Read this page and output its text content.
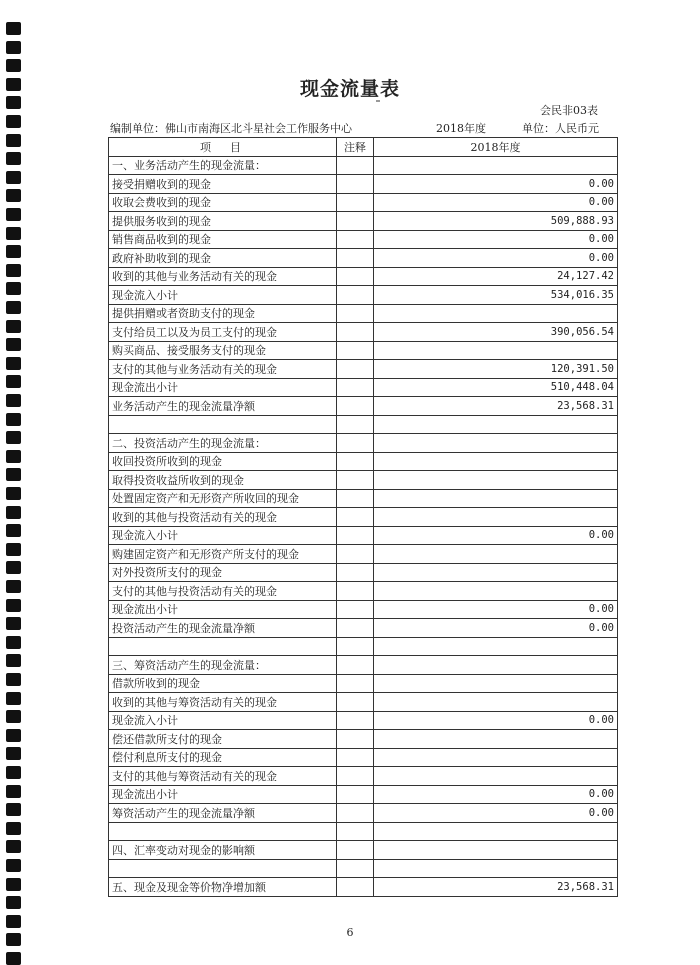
现金流量表
会民非03表
编制单位：佛山市南海区北斗星社会工作服务中心	2018年度	单位：人民币元
项　目	注释	2018年度
一、业务活动产生的现金流量：		
接受捐赠收到的现金		0.00
收取会费收到的现金		0.00
提供服务收到的现金		509,888.93
销售商品收到的现金		0.00
政府补助收到的现金		0.00
收到的其他与业务活动有关的现金		24,127.42
现金流入小计		534,016.35
提供捐赠或者资助支付的现金		
支付给员工以及为员工支付的现金		390,056.54
购买商品、接受服务支付的现金		
支付的其他与业务活动有关的现金		120,391.50
现金流出小计		510,448.04
业务活动产生的现金流量净额		23,568.31

二、投资活动产生的现金流量：		
收回投资所收到的现金		
取得投资收益所收到的现金		
处置固定资产和无形资产所收回的现金		
收到的其他与投资活动有关的现金		
现金流入小计		0.00
购建固定资产和无形资产所支付的现金		
对外投资所支付的现金		
支付的其他与投资活动有关的现金		
现金流出小计		0.00
投资活动产生的现金流量净额		0.00

三、筹资活动产生的现金流量：		
借款所收到的现金		
收到的其他与筹资活动有关的现金		
现金流入小计		0.00
偿还借款所支付的现金		
偿付利息所支付的现金		
支付的其他与筹资活动有关的现金		
现金流出小计		0.00
筹资活动产生的现金流量净额		0.00

四、汇率变动对现金的影响额		

五、现金及现金等价物净增加额		23,568.31
6
